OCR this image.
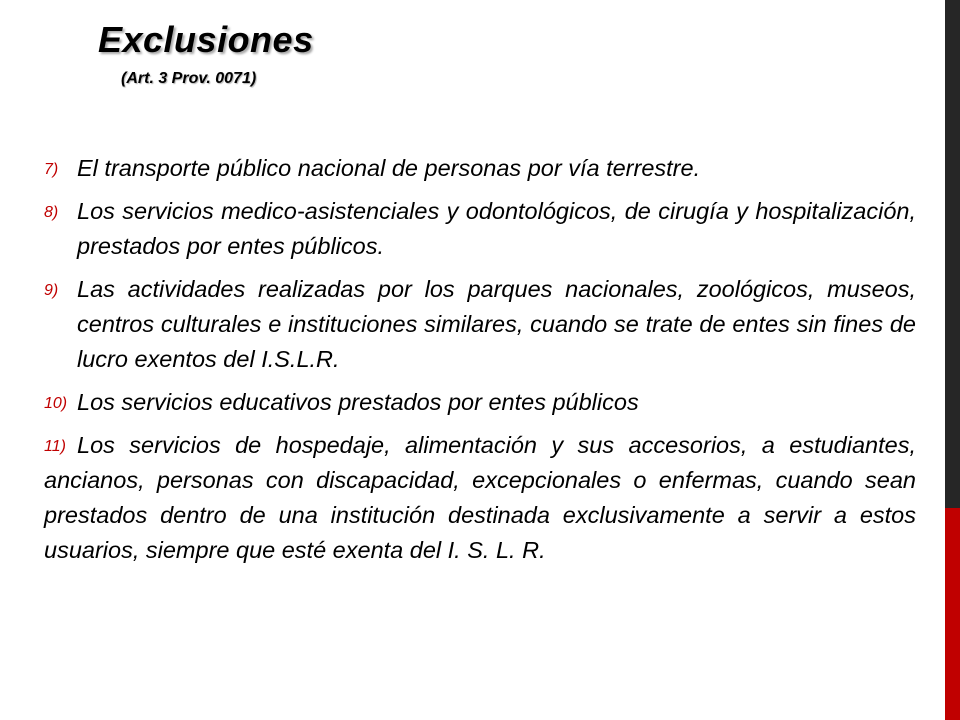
Exclusiones
(Art. 3 Prov. 0071)
7) El transporte público nacional de personas por vía terrestre.
8) Los servicios medico-asistenciales y odontológicos, de cirugía y hospitalización, prestados por entes públicos.
9) Las actividades realizadas por los parques nacionales, zoológicos, museos, centros culturales e instituciones similares, cuando se trate de entes sin fines de lucro exentos del I.S.L.R.
10) Los servicios educativos prestados por entes públicos
11) Los servicios de hospedaje, alimentación y sus accesorios, a estudiantes, ancianos, personas con discapacidad, excepcionales o enfermas, cuando sean prestados dentro de una institución destinada exclusivamente a servir a estos usuarios, siempre que esté exenta del I. S. L. R.
